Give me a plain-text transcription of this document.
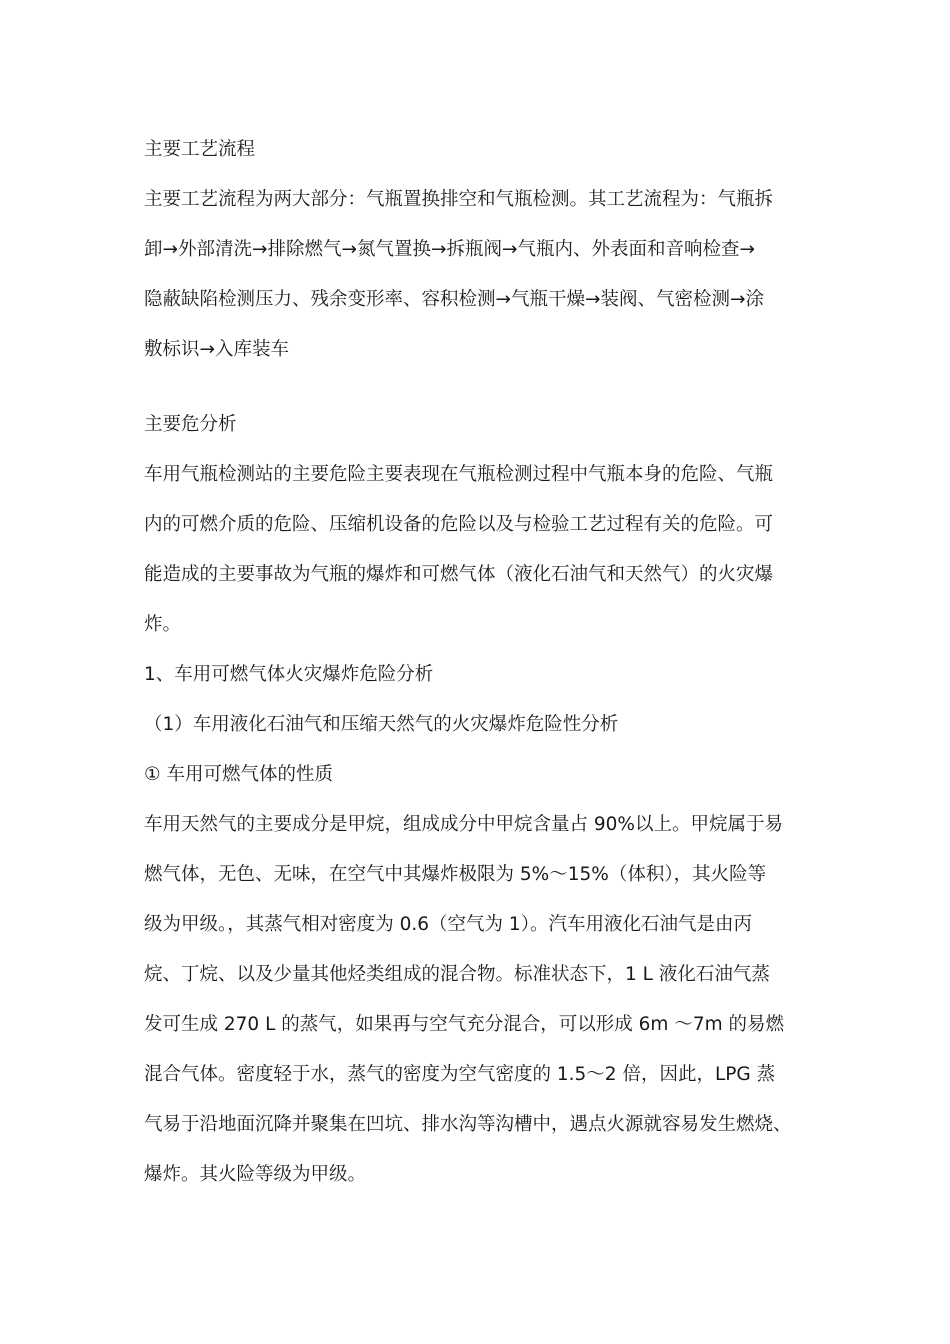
主要工艺流程

主要工艺流程为两大部分：气瓶置换排空和气瓶检测。其工艺流程为：气瓶拆

卸→外部清洗→排除燃气→氮气置换→拆瓶阀→气瓶内、外表面和音响检查→

隐蔽缺陷检测压力、残余变形率、容积检测→气瓶干燥→装阀、气密检测→涂

敷标识→入库装车

主要危分析

车用气瓶检测站的主要危险主要表现在气瓶检测过程中气瓶本身的危险、气瓶

内的可燃介质的危险、压缩机设备的危险以及与检验工艺过程有关的危险。可

能造成的主要事故为气瓶的爆炸和可燃气体（液化石油气和天然气）的火灾爆

炸。

1、车用可燃气体火灾爆炸危险分析

（1）车用液化石油气和压缩天然气的火灾爆炸危险性分析

① 车用可燃气体的性质

车用天然气的主要成分是甲烷，组成成分中甲烷含量占 90%以上。甲烷属于易

燃气体，无色、无味，在空气中其爆炸极限为 5%～15%（体积），其火险等

级为甲级。，其蒸气相对密度为 0.6（空气为 1）。汽车用液化石油气是由丙

烷、丁烷、以及少量其他烃类组成的混合物。标准状态下，1 L 液化石油气蒸

发可生成 270 L 的蒸气，如果再与空气充分混合，可以形成 6m ～7m 的易燃

混合气体。密度轻于水，蒸气的密度为空气密度的 1.5～2 倍，因此，LPG 蒸

气易于沿地面沉降并聚集在凹坑、排水沟等沟槽中，遇点火源就容易发生燃烧、

爆炸。其火险等级为甲级。
